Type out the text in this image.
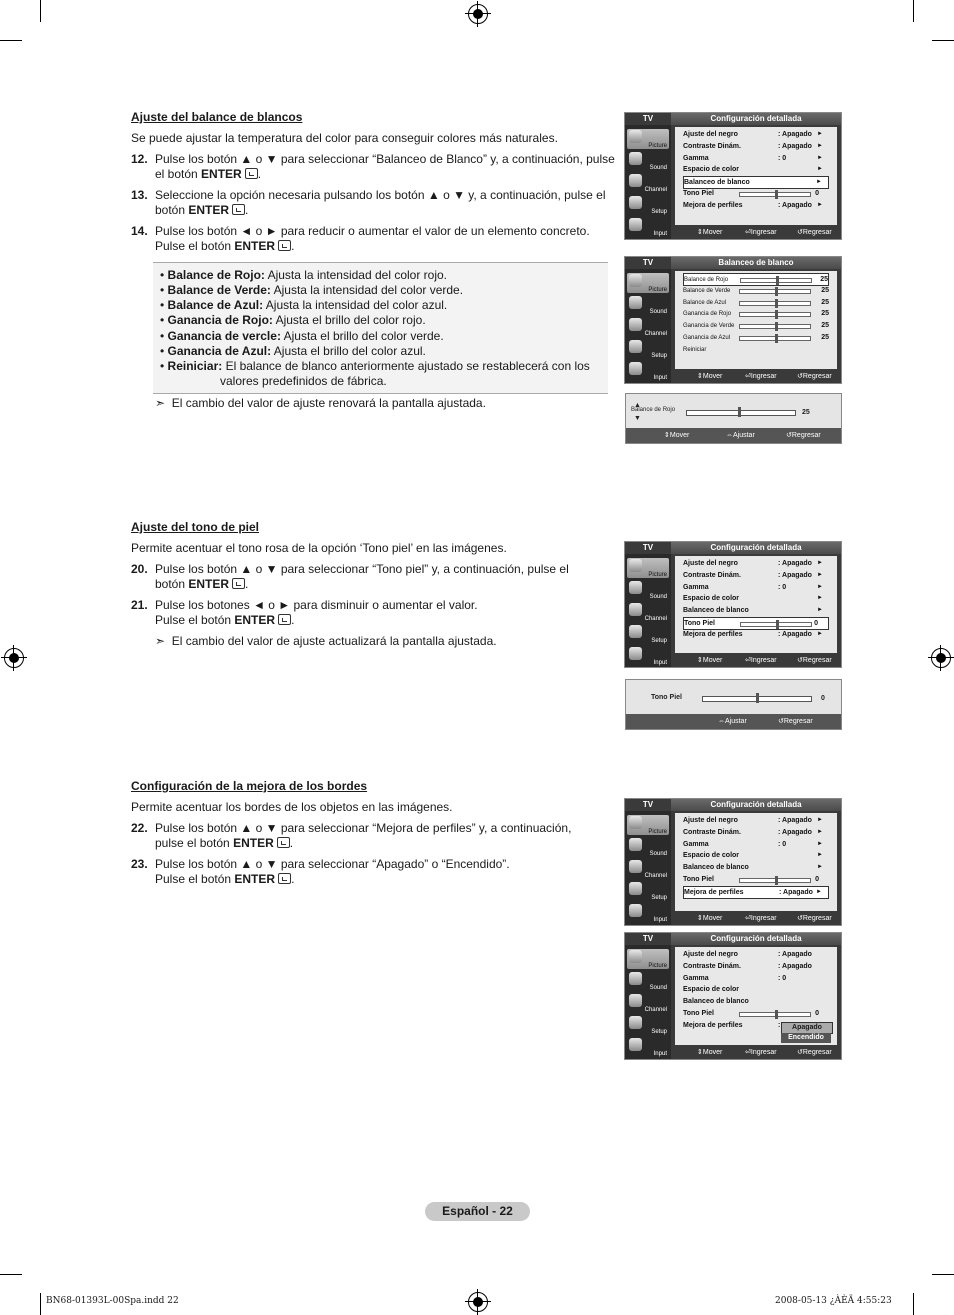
Ajuste del balance de blancos
Se puede ajustar la temperatura del color para conseguir colores más naturales.
12. Pulse los botón ▲ o ▼ para seleccionar “Balanceo de Blanco” y, a continuación, pulse el botón ENTER .
13. Seleccione la opción necesaria pulsando los botón ▲ o ▼ y, a continuación, pulse el botón ENTER .
14. Pulse los botón ◄ o ► para reducir o aumentar el valor de un elemento concreto. Pulse el botón ENTER .
• Balance de Rojo: Ajusta la intensidad del color rojo.
• Balance de Verde: Ajusta la intensidad del color verde.
• Balance de Azul: Ajusta la intensidad del color azul.
• Ganancia de Rojo: Ajusta el brillo del color rojo.
• Ganancia de vercle: Ajusta el brillo del color verde.
• Ganancia de Azul: Ajusta el brillo del color azul.
• Reiniciar: El balance de blanco anteriormente ajustado se restablecerá con los valores predefinidos de fábrica.
➣  El cambio del valor de ajuste renovará la pantalla ajustada.
TV	Configuración detallada
Picture
Sound
Channel
Setup
Input
Ajuste del negro	: Apagado ►
Contraste Dinám.	: Apagado ►
Gamma	: 0	►
Espacio de color	►
Balanceo de blanco	►
Tono Piel	0
Mejora de perfiles	: Apagado ►
⇕ Mover	⏎ Ingresar	↺ Regresar
TV	Balanceo de blanco
Picture
Sound
Channel
Setup
Input
Balance de Rojo	25
Balance de Verde	25
Balance de Azul	25
Ganancia de Rojo	25
Ganancia de Verde	25
Ganancia de Azul	25
Reiniciar
⇕ Mover	⏎ Ingresar	↺ Regresar
▲
Balance de Rojo
▼
25
⇕ Mover	⇔ Ajustar	↺ Regresar
Ajuste del tono de piel
Permite acentuar el tono rosa de la opción ‘Tono piel’ en las imágenes.
20. Pulse los botón ▲ o ▼ para seleccionar “Tono piel” y, a continuación, pulse el botón ENTER .
21. Pulse los botones ◄ o ► para disminuir o aumentar el valor. Pulse el botón ENTER .
➣  El cambio del valor de ajuste actualizará la pantalla ajustada.
TV	Configuración detallada
Picture
Sound
Channel
Setup
Input
Ajuste del negro	: Apagado ►
Contraste Dinám.	: Apagado ►
Gamma	: 0	►
Espacio de color	►
Balanceo de blanco	►
Tono Piel	0
Mejora de perfiles	: Apagado ►
⇕ Mover	⏎ Ingresar	↺ Regresar
Tono Piel	0
⇔ Ajustar	↺ Regresar
Configuración de la mejora de los bordes
Permite acentuar los bordes de los objetos en las imágenes.
22. Pulse los botón ▲ o ▼ para seleccionar “Mejora de perfiles” y, a continuación, pulse el botón ENTER .
23. Pulse los botón ▲ o ▼ para seleccionar “Apagado” o “Encendido”. Pulse el botón ENTER .
TV	Configuración detallada
Picture
Sound
Channel
Setup
Input
Ajuste del negro	: Apagado ►
Contraste Dinám.	: Apagado ►
Gamma	: 0	►
Espacio de color	►
Balanceo de blanco	►
Tono Piel	0
Mejora de perfiles	: Apagado ►
⇕ Mover	⏎ Ingresar	↺ Regresar
TV	Configuración detallada
Picture
Sound
Channel
Setup
Input
Ajuste del negro	: Apagado
Contraste Dinám.	: Apagado
Gamma	: 0
Espacio de color
Balanceo de blanco
Tono Piel	0
Mejora de perfiles	:	Apagado
Encendido
⇕ Mover	⏎ Ingresar	↺ Regresar
Español - 22
BN68-01393L-00Spa.indd 22	2008-05-13 ¿ÀÈÄ 4:55:23
